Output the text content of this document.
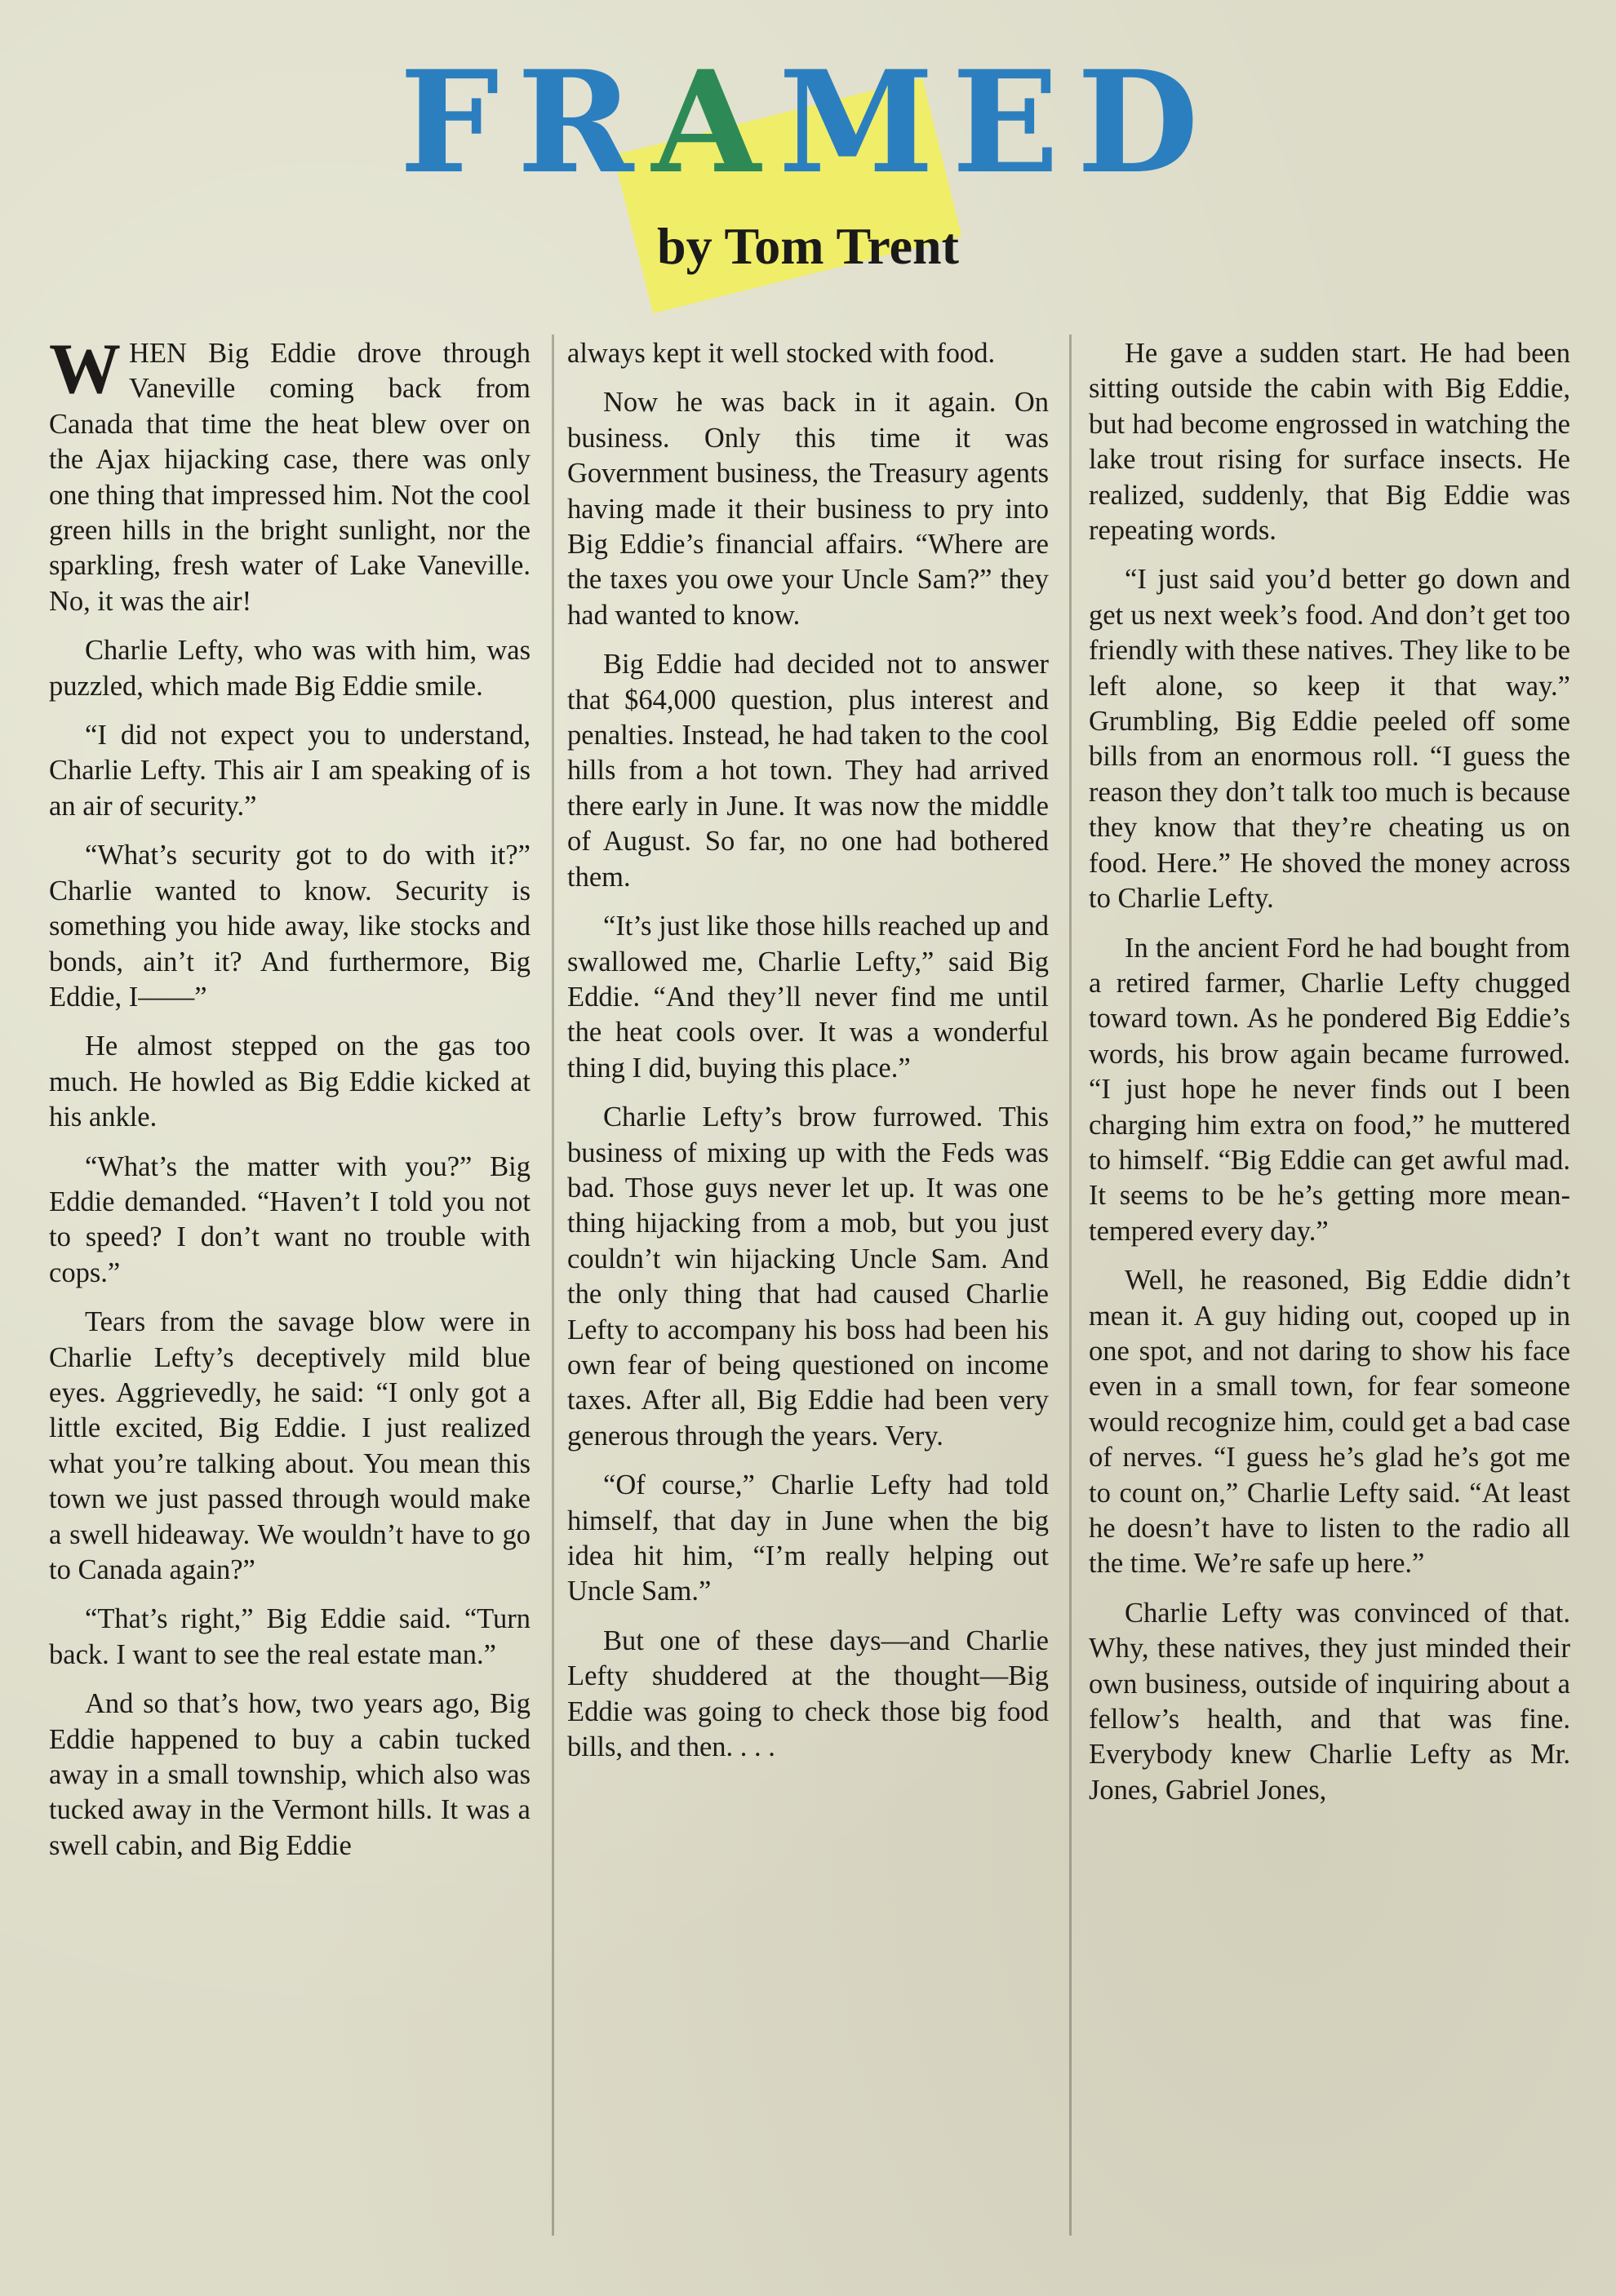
FRAMED
by Tom Trent

WHEN Big Eddie drove through Vaneville coming back from Canada that time the heat blew over on the Ajax hijacking case, there was only one thing that impressed him. Not the cool green hills in the bright sunlight, nor the sparkling, fresh water of Lake Vaneville. No, it was the air!

Charlie Lefty, who was with him, was puzzled, which made Big Eddie smile.

“I did not expect you to understand, Charlie Lefty. This air I am speaking of is an air of security.”

“What’s security got to do with it?” Charlie wanted to know. Security is something you hide away, like stocks and bonds, ain’t it? And furthermore, Big Eddie, I——”

He almost stepped on the gas too much. He howled as Big Eddie kicked at his ankle.

“What’s the matter with you?” Big Eddie demanded. “Haven’t I told you not to speed? I don’t want no trouble with cops.”

Tears from the savage blow were in Charlie Lefty’s deceptively mild blue eyes. Aggrievedly, he said: “I only got a little excited, Big Eddie. I just realized what you’re talking about. You mean this town we just passed through would make a swell hideaway. We wouldn’t have to go to Canada again?”

“That’s right,” Big Eddie said. “Turn back. I want to see the real estate man.”

And so that’s how, two years ago, Big Eddie happened to buy a cabin tucked away in a small township, which also was tucked away in the Vermont hills. It was a swell cabin, and Big Eddie

always kept it well stocked with food.

Now he was back in it again. On business. Only this time it was Government business, the Treasury agents having made it their business to pry into Big Eddie’s financial affairs. “Where are the taxes you owe your Uncle Sam?” they had wanted to know.

Big Eddie had decided not to answer that $64,000 question, plus interest and penalties. Instead, he had taken to the cool hills from a hot town. They had arrived there early in June. It was now the middle of August. So far, no one had bothered them.

“It’s just like those hills reached up and swallowed me, Charlie Lefty,” said Big Eddie. “And they’ll never find me until the heat cools over. It was a wonderful thing I did, buying this place.”

Charlie Lefty’s brow furrowed. This business of mixing up with the Feds was bad. Those guys never let up. It was one thing hijacking from a mob, but you just couldn’t win hijacking Uncle Sam. And the only thing that had caused Charlie Lefty to accompany his boss had been his own fear of being questioned on income taxes. After all, Big Eddie had been very generous through the years. Very.

“Of course,” Charlie Lefty had told himself, that day in June when the big idea hit him, “I’m really helping out Uncle Sam.”

But one of these days—and Charlie Lefty shuddered at the thought—Big Eddie was going to check those big food bills, and then. . . .

He gave a sudden start. He had been sitting outside the cabin with Big Eddie, but had become engrossed in watching the lake trout rising for surface insects. He realized, suddenly, that Big Eddie was repeating words.

“I just said you’d better go down and get us next week’s food. And don’t get too friendly with these natives. They like to be left alone, so keep it that way.” Grumbling, Big Eddie peeled off some bills from an enormous roll. “I guess the reason they don’t talk too much is because they know that they’re cheating us on food. Here.” He shoved the money across to Charlie Lefty.

In the ancient Ford he had bought from a retired farmer, Charlie Lefty chugged toward town. As he pondered Big Eddie’s words, his brow again became furrowed. “I just hope he never finds out I been charging him extra on food,” he muttered to himself. “Big Eddie can get awful mad. It seems to be he’s getting more mean-tempered every day.”

Well, he reasoned, Big Eddie didn’t mean it. A guy hiding out, cooped up in one spot, and not daring to show his face even in a small town, for fear someone would recognize him, could get a bad case of nerves. “I guess he’s glad he’s got me to count on,” Charlie Lefty said. “At least he doesn’t have to listen to the radio all the time. We’re safe up here.”

Charlie Lefty was convinced of that. Why, these natives, they just minded their own business, outside of inquiring about a fellow’s health, and that was fine. Everybody knew Charlie Lefty as Mr. Jones, Gabriel Jones,
